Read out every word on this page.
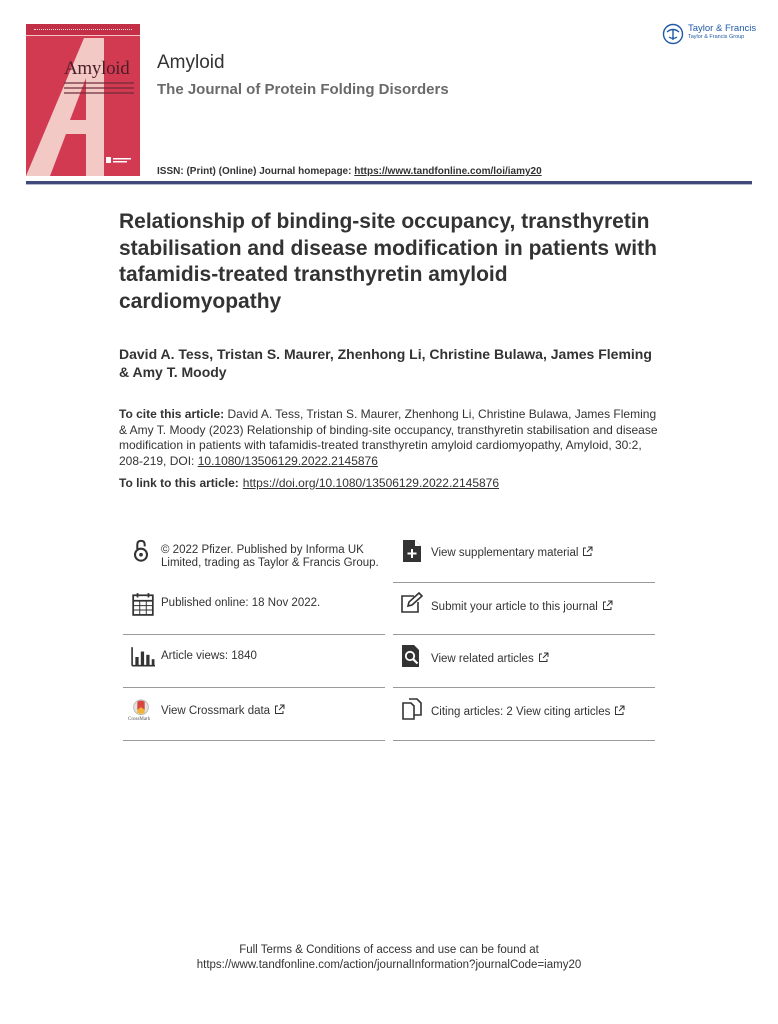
Amyloid Amyloid
The Journal of Protein Folding Disorders
ISSN: (Print) (Online) Journal homepage: https://www.tandfonline.com/loi/iamy20
Taylor & Francis
Taylor & Francis Group
Relationship of binding-site occupancy, transthyretin stabilisation and disease modification in patients with tafamidis-treated transthyretin amyloid cardiomyopathy
David A. Tess, Tristan S. Maurer, Zhenhong Li, Christine Bulawa, James Fleming & Amy T. Moody
To cite this article: David A. Tess, Tristan S. Maurer, Zhenhong Li, Christine Bulawa, James Fleming & Amy T. Moody (2023) Relationship of binding-site occupancy, transthyretin stabilisation and disease modification in patients with tafamidis-treated transthyretin amyloid cardiomyopathy, Amyloid, 30:2, 208-219, DOI: 10.1080/13506129.2022.2145876
To link to this article: https://doi.org/10.1080/13506129.2022.2145876
© 2022 Pfizer. Published by Informa UK Limited, trading as Taylor & Francis Group.
Published online: 18 Nov 2022.
Article views: 1840
CrossMark
View Crossmark data
View supplementary material
Submit your article to this journal
View related articles
Citing articles: 2 View citing articles
Full Terms & Conditions of access and use can be found at
https://www.tandfonline.com/action/journalInformation?journalCode=iamy20
